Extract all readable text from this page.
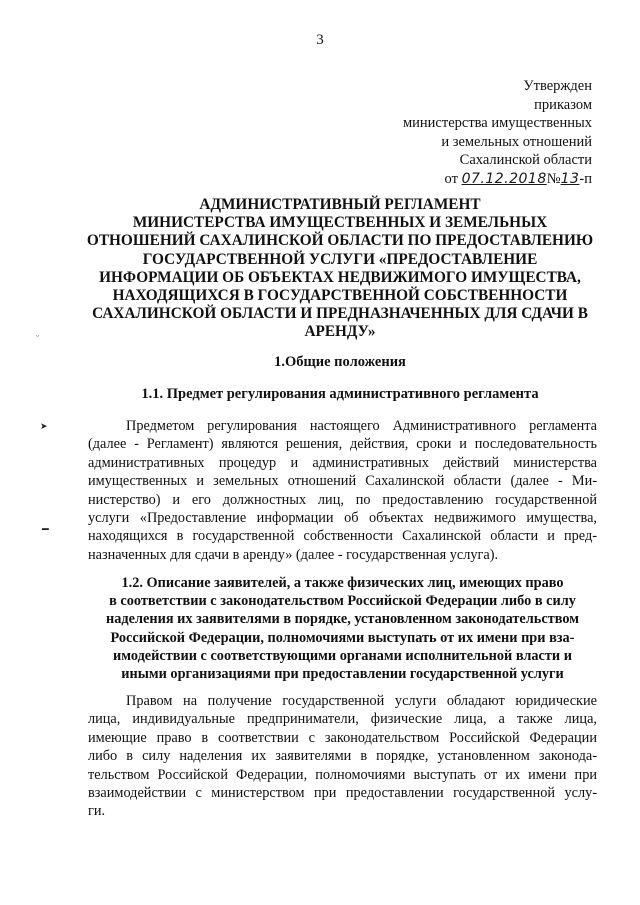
3
Утвержден
приказом
министерства имущественных
и земельных отношений
Сахалинской области
от 07.12.2018№13-п
АДМИНИСТРАТИВНЫЙ РЕГЛАМЕНТ
МИНИСТЕРСТВА ИМУЩЕСТВЕННЫХ И ЗЕМЕЛЬНЫХ
ОТНОШЕНИЙ САХАЛИНСКОЙ ОБЛАСТИ ПО ПРЕДОСТАВЛЕНИЮ
ГОСУДАРСТВЕННОЙ УСЛУГИ «ПРЕДОСТАВЛЕНИЕ
ИНФОРМАЦИИ ОБ ОБЪЕКТАХ НЕДВИЖИМОГО ИМУЩЕСТВА,
НАХОДЯЩИХСЯ В ГОСУДАРСТВЕННОЙ СОБСТВЕННОСТИ
САХАЛИНСКОЙ ОБЛАСТИ И ПРЕДНАЗНАЧЕННЫХ ДЛЯ СДАЧИ В
АРЕНДУ»
1.Общие положения
1.1. Предмет регулирования административного регламента
Предметом регулирования настоящего Административного регламента
(далее - Регламент) являются решения, действия, сроки и последовательность
административных процедур и административных действий министерства
имущественных и земельных отношений Сахалинской области (далее - Ми-
нистерство) и его должностных лиц, по предоставлению государственной
услуги «Предоставление информации об объектах недвижимого имущества,
находящихся в государственной собственности Сахалинской области и пред-
назначенных для сдачи в аренду» (далее - государственная услуга).
1.2. Описание заявителей, а также физических лиц, имеющих право
в соответствии с законодательством Российской Федерации либо в силу
наделения их заявителями в порядке, установленном законодательством
Российской Федерации, полномочиями выступать от их имени при вза-
имодействии с соответствующими органами исполнительной власти и
иными организациями при предоставлении государственной услуги
Правом на получение государственной услуги обладают юридические
лица, индивидуальные предприниматели, физические лица, а также лица,
имеющие право в соответствии с законодательством Российской Федерации
либо в силу наделения их заявителями в порядке, установленном законода-
тельством Российской Федерации, полномочиями выступать от их имени при
взаимодействии с министерством при предоставлении государственной услу-
ги.
ᵕ
➤
━
